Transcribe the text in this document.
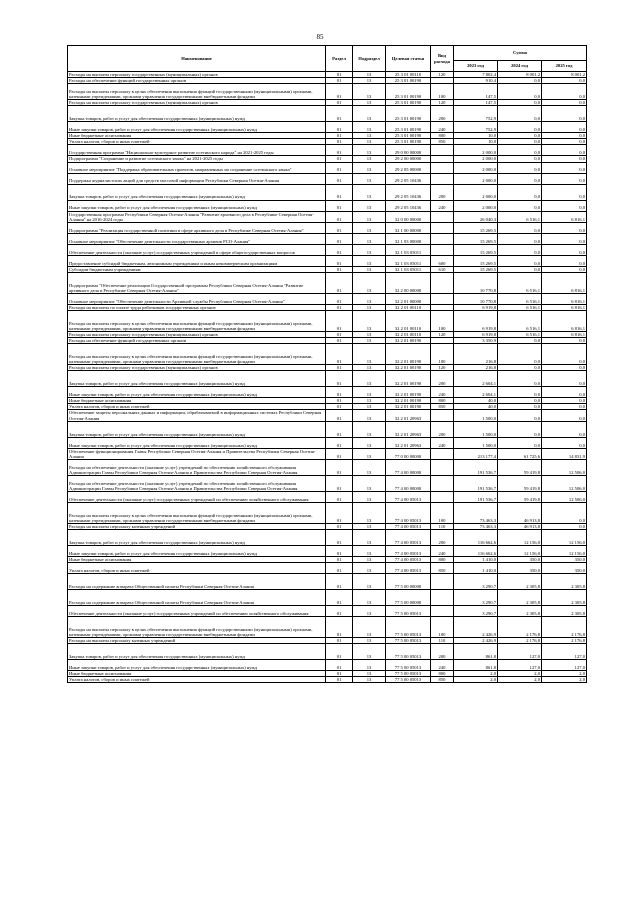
85
Наименование	Раздел	Подраздел	Целевая статья	Вид расхода	Сумма		
					2023 год	2024 год	2025 год
Расходы на выплаты персоналу государственных (муниципальных) органов	01	13	25 3 01 00110	120	7 802,4	8 001,2	8 001,2
Расходы на обеспечение функций государственных органов	01	13	25 3 01 00190		910,4	0,0	0,0
Расходы на выплаты персоналу в целях обеспечения выполнения функций государственными (муниципальными) органами, казенными учреждениями, органами управления государственными внебюджетными фондами	01	13	25 3 01 00190	100	147,5	0,0	0,0
Расходы на выплаты персоналу государственных (муниципальных) органов	01	13	25 3 01 00190	120	147,5	0,0	0,0
Закупка товаров, работ и услуг для обеспечения государственных (муниципальных) нужд	01	13	25 3 01 00190	200	752,9	0,0	0,0
Иные закупки товаров, работ и услуг для обеспечения государственных (муниципальных) нужд	01	13	25 3 01 00190	240	752,9	0,0	0,0
Иные бюджетные ассигнования	01	13	25 3 01 00190	800	10,0	0,0	0,0
Уплата налогов, сборов и иных платежей	01	13	25 3 01 00190	850	10,0	0,0	0,0
Государственная программа "Национально-культурное развитие осетинского народа" на 2021-2025 годы	01	13	29 0 00 00000		2 000,0	0,0	0,0
Подпрограмма "Сохранение и развитие осетинского языка" на 2021-2025 годы	01	13	29 2 00 00000		2 000,0	0,0	0,0
Основное мероприятие "Поддержка образовательных проектов, направленных на сохранение осетинского языка"	01	13	29 2 05 00000		2 000,0	0,0	0,0
Поддержка журналистских акций для средств массовой информации Республики Северная Осетия-Алания	01	13	29 2 05 10436		2 000,0	0,0	0,0
Закупка товаров, работ и услуг для обеспечения государственных (муниципальных) нужд	01	13	29 2 05 10436	200	2 000,0	0,0	0,0
Иные закупки товаров, работ и услуг для обеспечения государственных (муниципальных) нужд	01	13	29 2 05 10436	240	2 000,0	0,0	0,0
Государственная программа Республики Северная Осетия-Алания "Развитие архивного дела в Республике Северная Осетия-Алания" на 2016-2024 годы	01	13	32 0 00 00000		26 040,3	6 516,1	6 816,1
Подпрограмма "Реализация государственной политики в сфере архивного дела в Республике Северная Осетия-Алания"	01	13	32 1 00 00000		15 269,5	0,0	0,0
Основное мероприятие "Обеспечение деятельности государственных архивов РСО-Алания"	01	13	32 1 03 00000		15 269,5	0,0	0,0
Обеспечение деятельности (оказание услуг) государственных учреждений в сфере общегосударственных вопросов	01	13	32 1 03 05011		15 269,5	0,0	0,0
Предоставление субсидий бюджетным, автономным учреждениям и иным некоммерческим организациям	01	13	32 1 03 05011	600	15 269,5	0,0	0,0
Субсидии бюджетным учреждениям	01	13	32 1 03 05011	610	15 269,5	0,0	0,0
Подпрограмма "Обеспечение реализации Государственной программы Республики Северная Осетия-Алания "Развитие архивного дела в Республике Северная Осетия-Алания"	01	13	32 2 00 00000		10 770,8	6 516,1	6 816,1
Основное мероприятие "Обеспечение деятельности Архивной службы Республики Северная Осетия-Алания"	01	13	32 2 01 00000		10 770,8	6 516,1	6 816,1
Расходы на выплаты по оплате труда работников государственных органов	01	13	32 2 01 00110		6 919,8	6 516,1	6 816,1
Расходы на выплаты персоналу в целях обеспечения выполнения функций государственными (муниципальными) органами, казенными учреждениями, органами управления государственными внебюджетными фондами	01	13	32 2 01 00110	100	6 919,8	6 516,1	6 816,1
Расходы на выплаты персоналу государственных (муниципальных) органов	01	13	32 2 01 00110	120	6 919,8	6 516,1	6 816,1
Расходы на обеспечение функций государственных органов	01	13	32 2 01 00190		3 350,9	0,0	0,0
Расходы на выплаты персоналу в целях обеспечения выполнения функций государственными (муниципальными) органами, казенными учреждениями, органами управления государственными внебюджетными фондами	01	13	32 2 01 00190	100	216,8	0,0	0,0
Расходы на выплаты персоналу государственных (муниципальных) органов	01	13	32 2 01 00190	120	216,8	0,0	0,0
Закупка товаров, работ и услуг для обеспечения государственных (муниципальных) нужд	01	13	32 2 01 00190	200	2 604,1	0,0	0,0
Иные закупки товаров, работ и услуг для обеспечения государственных (муниципальных) нужд	01	13	32 2 01 00190	240	2 604,1	0,0	0,0
Иные бюджетные ассигнования	01	13	32 2 01 00190	800	40,0	0,0	0,0
Уплата налогов, сборов и иных платежей	01	13	32 2 01 00190	850	40,0	0,0	0,0
Обеспечение защиты персональных данных и информации, обрабатываемой в информационных системах Республики Северная Осетия-Алания	01	13	32 2 01 20963		1 500,0	0,0	0,0
Закупка товаров, работ и услуг для обеспечения государственных (муниципальных) нужд	01	13	32 2 01 20963	200	1 500,0	0,0	0,0
Иные закупки товаров, работ и услуг для обеспечения государственных (муниципальных) нужд	01	13	32 2 01 20963	240	1 500,0	0,0	0,0
Обеспечение функционирования Главы Республики Северная Осетия-Алания и Правительства Республики Северная Осетия-Алания	01	13	77 0 00 00000		213 177,4	61 725,6	14 831,9
Расходы на обеспечение деятельности (оказание услуг) учреждений по обеспечению хозяйственного обслуживания Администрации Главы Республики Северная Осетия-Алания и Правительства Республики Северная Осетия-Алания	01	13	77 4 00 00000		191 536,7	59 419,8	12 506,0
Расходы на обеспечение деятельности (оказание услуг) учреждений по обеспечению хозяйственного обслуживания Администрации Главы Республики Северная Осетия-Алания и Правительства Республики Северная Осетия-Алания	01	13	77 4 00 00000		191 536,7	59 419,8	12 506,0
Обеспечение деятельности (оказание услуг) государственных учреждений по обеспечению хозяйственного обслуживания	01	13	77 4 00 05013		191 536,7	59 419,8	12 506,0
Расходы на выплаты персоналу в целях обеспечения выполнения функций государственными (муниципальными) органами, казенными учреждениями, органами управления государственными внебюджетными фондами	01	13	77 4 00 05013	100	73 463,3	46 913,8	0,0
Расходы на выплаты персоналу казенных учреждений	01	13	77 4 00 05013	110	73 463,3	46 913,8	0,0
Закупка товаров, работ и услуг для обеспечения государственных (муниципальных) нужд	01	13	77 4 00 05013	200	116 662,6	12 156,0	12 156,0
Иные закупки товаров, работ и услуг для обеспечения государственных (муниципальных) нужд	01	13	77 4 00 05013	240	116 662,6	12 156,0	12 156,0
Иные бюджетные ассигнования	01	13	77 4 00 05013	800	1 410,0	350,0	350,0
Уплата налогов, сборов и иных платежей	01	13	77 4 00 05013	850	1 410,0	350,0	350,0
Расходы на содержание аппарата Общественной палаты Республики Северная Осетия-Алания	01	13	77 5 00 00000		3 290,7	2 305,8	2 305,8
Расходы на содержание аппарата Общественной палаты Республики Северная Осетия-Алания	01	13	77 5 00 00000		3 290,7	2 305,8	2 305,8
Обеспечение деятельности (оказание услуг) государственных учреждений по обеспечению хозяйственного обслуживания	01	13	77 5 00 05013		3 290,7	2 305,8	2 305,8
Расходы на выплаты персоналу в целях обеспечения выполнения функций государственными (муниципальными) органами, казенными учреждениями, органами управления государственными внебюджетными фондами	01	13	77 5 00 05013	100	2 426,9	2 176,8	2 176,8
Расходы на выплаты персоналу казенных учреждений	01	13	77 5 00 05013	110	2 426,9	2 176,8	2 176,8
Закупка товаров, работ и услуг для обеспечения государственных (муниципальных) нужд	01	13	77 5 00 05013	200	861,8	127,0	127,0
Иные закупки товаров, работ и услуг для обеспечения государственных (муниципальных) нужд	01	13	77 5 00 05013	240	861,8	127,0	127,0
Иные бюджетные ассигнования	01	13	77 5 00 05013	800	2,0	2,0	2,0
Уплата налогов, сборов и иных платежей	01	13	77 5 00 05013	850	2,0	2,0	2,0
